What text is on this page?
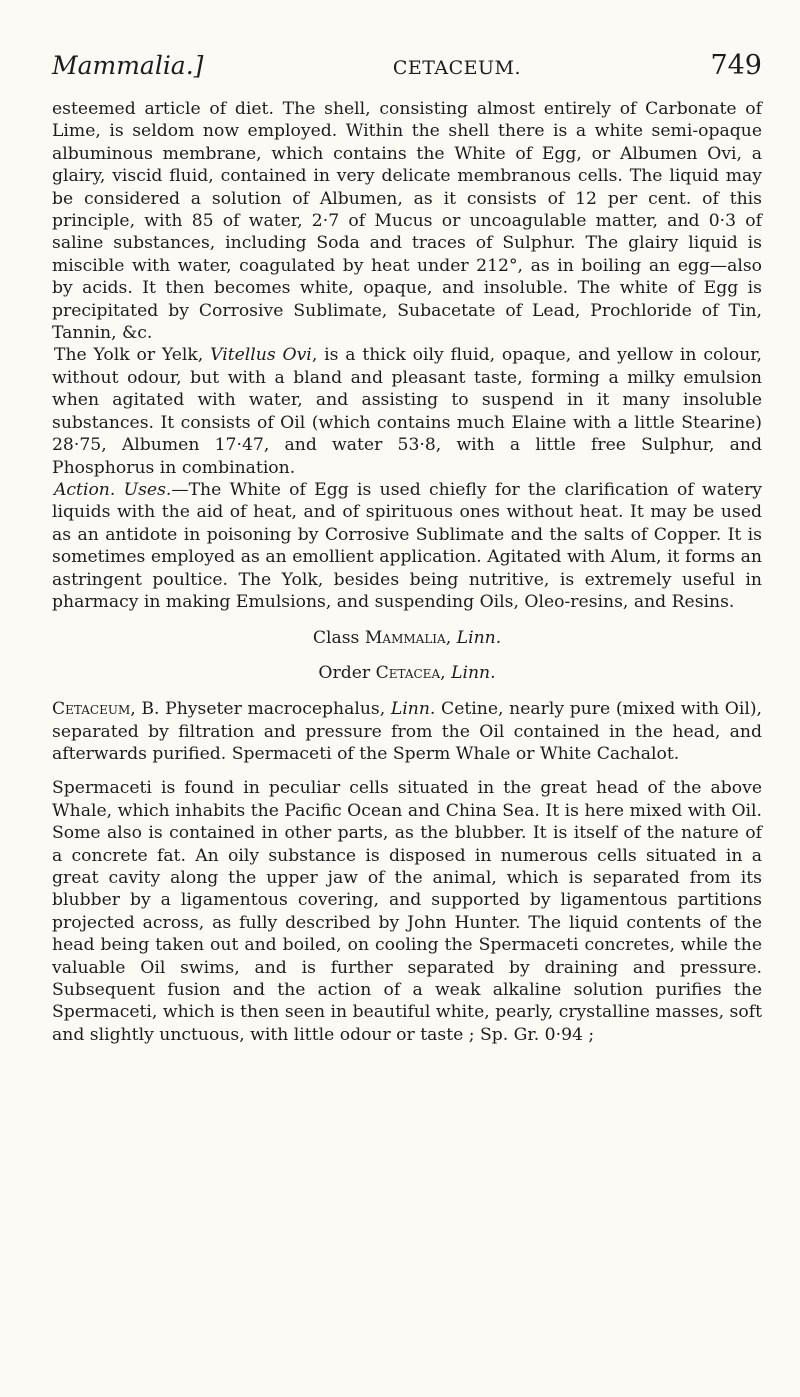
Mammalia.]	CETACEUM.	749

esteemed article of diet. The shell, consisting almost entirely of Carbonate of Lime, is seldom now employed. Within the shell there is a white semi-opaque albuminous membrane, which contains the White of Egg, or Albumen Ovi, a glairy, viscid fluid, contained in very delicate membranous cells. The liquid may be considered a solution of Albumen, as it consists of 12 per cent. of this principle, with 85 of water, 2·7 of Mucus or uncoagulable matter, and 0·3 of saline substances, including Soda and traces of Sulphur. The glairy liquid is miscible with water, coagulated by heat under 212°, as in boiling an egg—also by acids. It then becomes white, opaque, and insoluble. The white of Egg is precipitated by Corrosive Sublimate, Subacetate of Lead, Prochloride of Tin, Tannin, &c.

The Yolk or Yelk, Vitellus Ovi, is a thick oily fluid, opaque, and yellow in colour, without odour, but with a bland and pleasant taste, forming a milky emulsion when agitated with water, and assisting to suspend in it many insoluble substances. It consists of Oil (which contains much Elaine with a little Stearine) 28·75, Albumen 17·47, and water 53·8, with a little free Sulphur, and Phosphorus in combination.

Action. Uses.—The White of Egg is used chiefly for the clarification of watery liquids with the aid of heat, and of spirituous ones without heat. It may be used as an antidote in poisoning by Corrosive Sublimate and the salts of Copper. It is sometimes employed as an emollient application. Agitated with Alum, it forms an astringent poultice. The Yolk, besides being nutritive, is extremely useful in pharmacy in making Emulsions, and suspending Oils, Oleo-resins, and Resins.

Class Mammalia, Linn.

Order Cetacea, Linn.

Cetaceum, B. Physeter macrocephalus, Linn. Cetine, nearly pure (mixed with Oil), separated by filtration and pressure from the Oil contained in the head, and afterwards purified. Spermaceti of the Sperm Whale or White Cachalot.

Spermaceti is found in peculiar cells situated in the great head of the above Whale, which inhabits the Pacific Ocean and China Sea. It is here mixed with Oil. Some also is contained in other parts, as the blubber. It is itself of the nature of a concrete fat. An oily substance is disposed in numerous cells situated in a great cavity along the upper jaw of the animal, which is separated from its blubber by a ligamentous covering, and supported by ligamentous partitions projected across, as fully described by John Hunter. The liquid contents of the head being taken out and boiled, on cooling the Spermaceti concretes, while the valuable Oil swims, and is further separated by draining and pressure. Subsequent fusion and the action of a weak alkaline solution purifies the Spermaceti, which is then seen in beautiful white, pearly, crystalline masses, soft and slightly unctuous, with little odour or taste ; Sp. Gr. 0·94 ;
